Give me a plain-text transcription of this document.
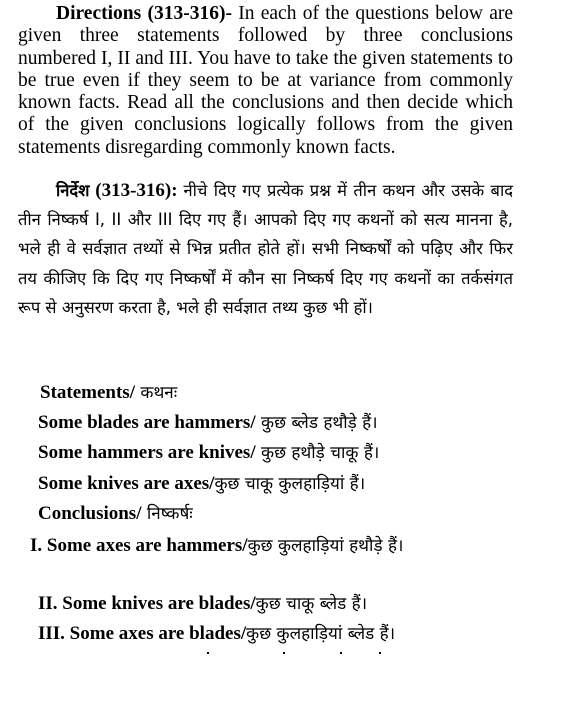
Directions (313-316)- In each of the questions below are given three statements followed by three conclusions numbered I, II and III. You have to take the given statements to be true even if they seem to be at variance from commonly known facts. Read all the conclusions and then decide which of the given conclusions logically follows from the given statements disregarding commonly known facts.
निर्देश (313-316): नीचे दिए गए प्रत्येक प्रश्न में तीन कथन और उसके बाद तीन निष्कर्ष I, II और III दिए गए हैं। आपको दिए गए कथनों को सत्य मानना है, भले ही वे सर्वज्ञात तथ्यों से भिन्न प्रतीत होते हों। सभी निष्कर्षों को पढ़िए और फिर तय कीजिए कि दिए गए निष्कर्षों में कौन सा निष्कर्ष दिए गए कथनों का तर्कसंगत रूप से अनुसरण करता है, भले ही सर्वज्ञात तथ्य कुछ भी हों।
Statements/ कथनः
Some blades are hammers/ कुछ ब्लेड हथौड़े हैं।
Some hammers are knives/ कुछ हथौड़े चाकू हैं।
Some knives are axes/कुछ चाकू कुलहाड़ियां हैं।
Conclusions/ निष्कर्षः
I. Some axes are hammers/कुछ कुलहाड़ियां हथौड़े हैं।
II. Some knives are blades/कुछ चाकू ब्लेड हैं।
III. Some axes are blades/कुछ कुलहाड़ियां ब्लेड हैं।
